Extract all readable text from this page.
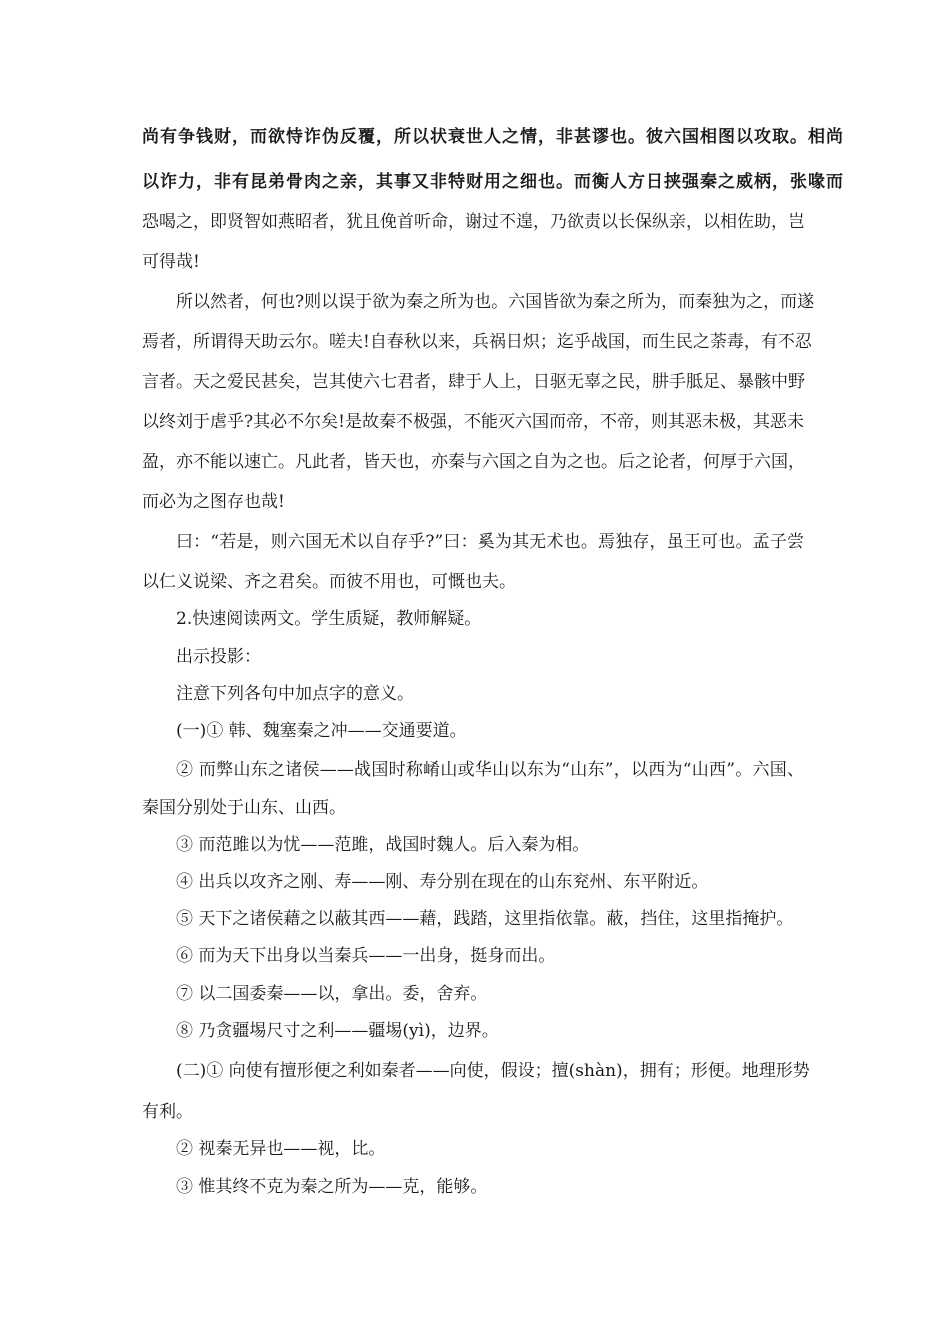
尚有争钱财，而欲恃诈伪反覆，所以状衰世人之情，非甚谬也。彼六国相图以攻取。相尚
以诈力，非有昆弟骨肉之亲，其事又非特财用之细也。而衡人方日挟强秦之威柄，张喙而
恐喝之，即贤智如燕昭者，犹且俛首听命，谢过不遑，乃欲责以长保纵亲，以相佐助，岂
可得哉!
所以然者，何也?则以误于欲为秦之所为也。六国皆欲为秦之所为，而秦独为之，而遂
焉者，所谓得天助云尔。嗟夫!自春秋以来，兵祸日炽；迄乎战国，而生民之荼毒，有不忍
言者。天之爱民甚矣，岂其使六七君者，肆于人上，日驱无辜之民，肼手胝足、暴骸中野
以终刘于虐乎?其必不尔矣!是故秦不极强，不能灭六国而帝，不帝，则其恶未极，其恶未
盈，亦不能以速亡。凡此者，皆天也，亦秦与六国之自为之也。后之论者，何厚于六国，
而必为之图存也哉!
曰：“若是，则六国无术以自存乎?”曰：奚为其无术也。焉独存，虽王可也。孟子尝
以仁义说梁、齐之君矣。而彼不用也，可慨也夫。
2.快速阅读两文。学生质疑，教师解疑。
出示投影：
注意下列各句中加点字的意义。
(一)① 韩、魏塞秦之冲——交通要道。
② 而弊山东之诸侯——战国时称崤山或华山以东为“山东”，以西为“山西”。六国、
秦国分别处于山东、山西。
③ 而范雎以为忧——范雎，战国时魏人。后入秦为相。
④ 出兵以攻齐之刚、寿——刚、寿分别在现在的山东兖州、东平附近。
⑤ 天下之诸侯藉之以蔽其西——藉，践踏，这里指依靠。蔽，挡住，这里指掩护。
⑥ 而为天下出身以当秦兵——一出身，挺身而出。
⑦ 以二国委秦——以，拿出。委，舍弃。
⑧ 乃贪疆埸尺寸之利——疆埸(yì)，边界。
(二)① 向使有擅形便之利如秦者——向使，假设；擅(shàn)，拥有；形便。地理形势
有利。
② 视秦无异也——视，比。
③ 惟其终不克为秦之所为——克，能够。
